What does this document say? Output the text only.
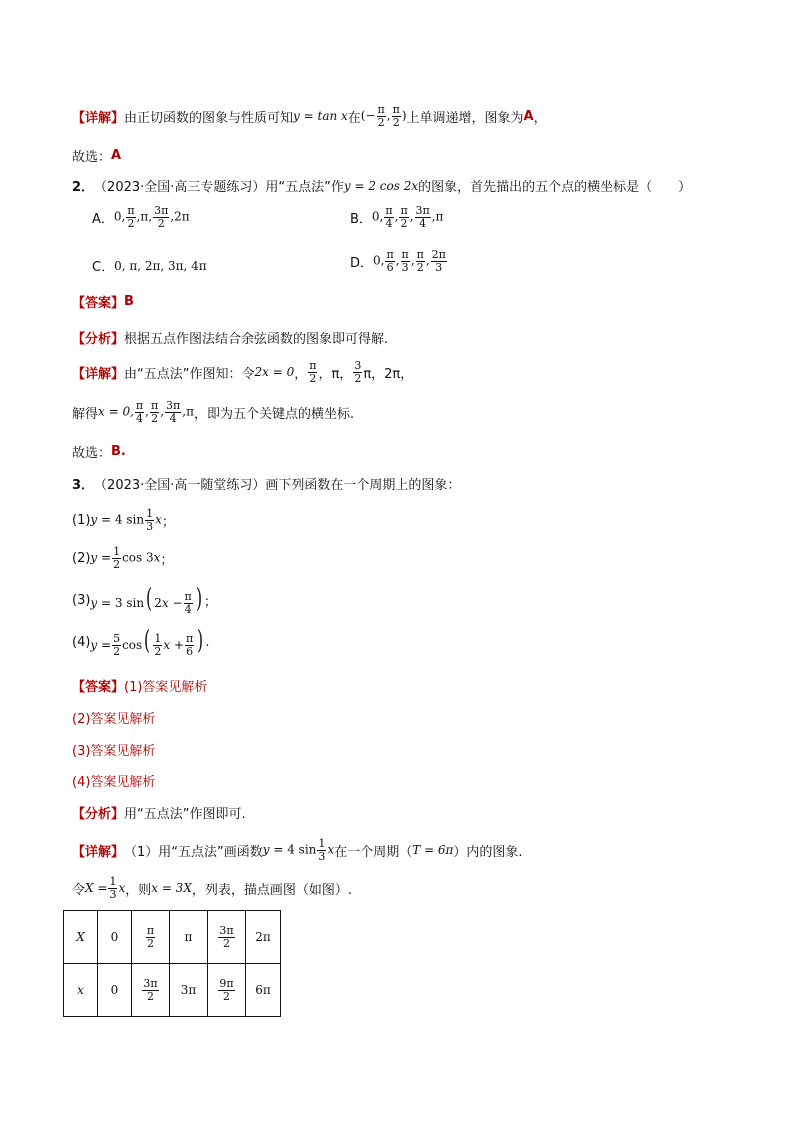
【详解】 由正切函数的图象与性质可知 y = tan x 在 (− $\frac{\pi}{2}$ , $\frac{\pi}{2}$ ) 上单调递增，图象为 A ，
故选： A
2． （2023·全国·高三专题练习） 用“五点法”作 y = 2 cos 2x 的图象，首先描出的五个点的横坐标是（　　）
A． 0, $\frac{\pi}{2} ,\pi$, $\frac{3\pi}{2} ,2\pi$	B． 0, $\frac{\pi}{4}$ , $\frac{\pi}{2}$ , $\frac{3\pi}{4} ,\pi$
C． 0, π, 2π, 3π, 4π	D． 0, $\frac{\pi}{6}$ , $\frac{\pi}{3}$ , $\frac{\pi}{2}$ , $\frac{2\pi}{3}$
【答案】 B
【分析】 根据五点作图法结合余弦函数的图象即可得解.
【详解】 由“五点法”作图知：令 2x = 0 ， $\frac{\pi}{2}$ ，π， $\frac{3}{2}$ π，2π，
解得 x = 0, $\frac{\pi}{4}$ , $\frac{\pi}{2}$ , $\frac{3\pi}{4} ,\pi$ ，即为五个关键点的横坐标.
故选： B.
3． （2023·全国·高一随堂练习） 画下列函数在一个周期上的图象：
(1) y = 4 $\sin \frac{1}{3}$ x ；
(2) $y = \frac{1}{2}$ cos 3x ；
(3) y = 3 sin( $2x - \frac{\pi}{4}$ ) ；
(4) $y = \frac{5}{2} \cos( \frac{1}{2}$ $x + \frac{\pi}{6}$ ) .
【答案】 (1)答案见解析
(2)答案见解析
(3)答案见解析
(4)答案见解析
【分析】 用“五点法”作图即可.
【详解】 （1）用“五点法”画函数 y = 4 $\sin \frac{1}{3}$ x 在一个周期（ T = 6π ）内的图象.
令 $X = \frac{1}{3}$ x ，则 x = 3X ，列表，描点画图（如图）.
X	0	$\frac{\pi}{2}$	π	$\frac{3\pi}{2}$	2π
x	0	$\frac{3\pi}{2}$	3π	$\frac{9\pi}{2}$	6π
